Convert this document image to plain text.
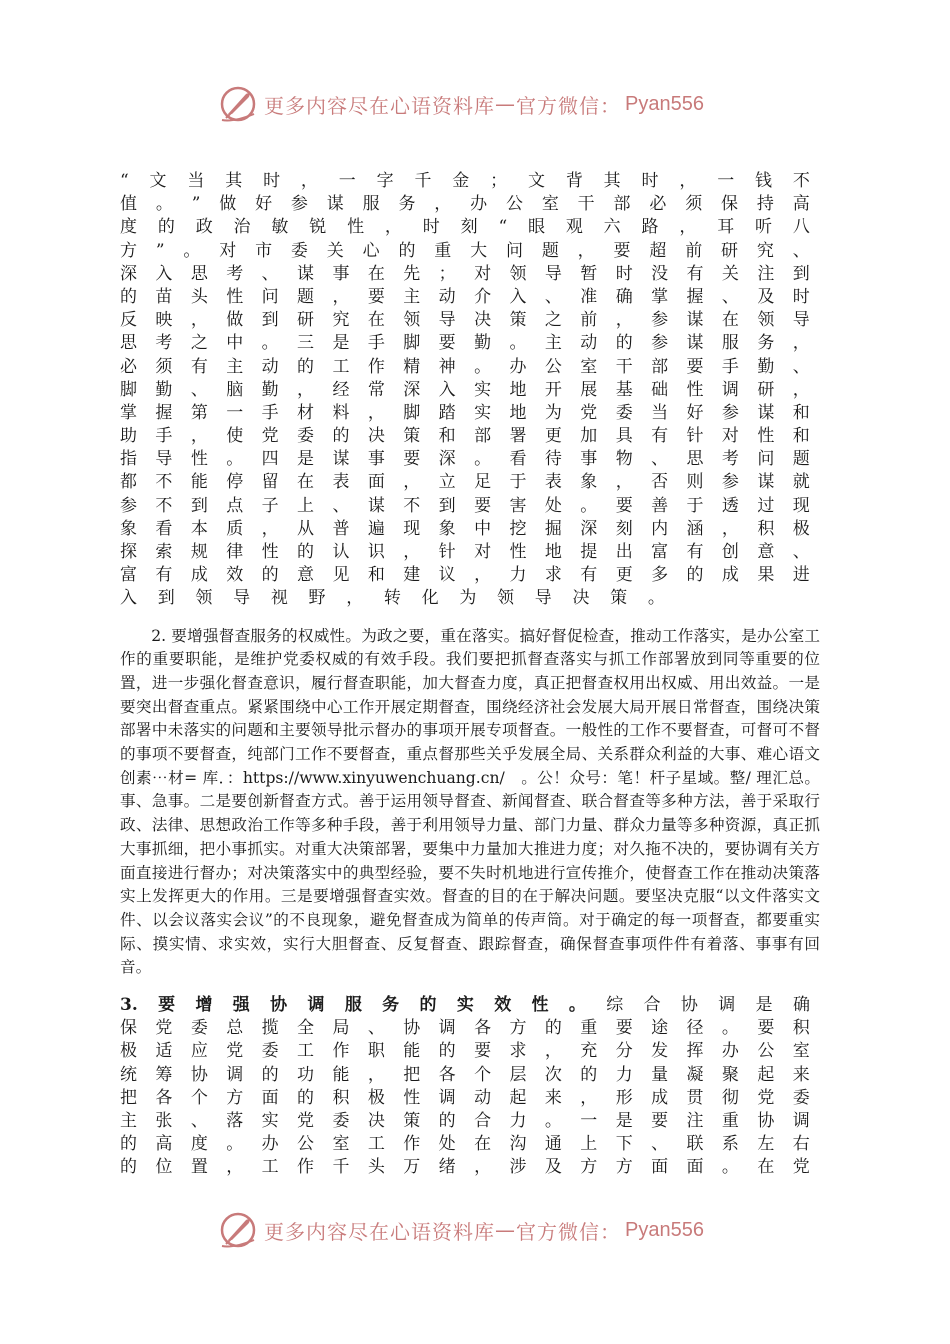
更多内容尽在心语资料库 — 官方微信： Pyan556
“ 文 当 其 时 ， 一 字 千 金 ； 文 背 其 时 ， 一 钱 不
值 。 ” 做 好 参 谋 服 务 ， 办 公 室 干 部 必 须 保 持 高
度 的 政 治 敏 锐 性 ， 时 刻 “ 眼 观 六 路 ， 耳 听 八
方 ” 。 对 市 委 关 心 的 重 大 问 题 ， 要 超 前 研 究 、
深 入 思 考 、 谋 事 在 先 ； 对 领 导 暂 时 没 有 关 注 到
的 苗 头 性 问 题 ， 要 主 动 介 入 、 准 确 掌 握 、 及 时
反 映 ， 做 到 研 究 在 领 导 决 策 之 前 ， 参 谋 在 领 导
思 考 之 中 。 三 是 手 脚 要 勤 。 主 动 的 参 谋 服 务 ，
必 须 有 主 动 的 工 作 精 神 。 办 公 室 干 部 要 手 勤 、
脚 勤 、 脑 勤 ， 经 常 深 入 实 地 开 展 基 础 性 调 研 ，
掌 握 第 一 手 材 料 ， 脚 踏 实 地 为 党 委 当 好 参 谋 和
助 手 ， 使 党 委 的 决 策 和 部 署 更 加 具 有 针 对 性 和
指 导 性 。 四 是 谋 事 要 深 。 看 待 事 物 、 思 考 问 题
都 不 能 停 留 在 表 面 ， 立 足 于 表 象 ， 否 则 参 谋 就
参 不 到 点 子 上 、 谋 不 到 要 害 处 。 要 善 于 透 过 现
象 看 本 质 ， 从 普 遍 现 象 中 挖 掘 深 刻 内 涵 ， 积 极
探 索 规 律 性 的 认 识 ， 针 对 性 地 提 出 富 有 创 意 、
富 有 成 效 的 意 见 和 建 议 ， 力 求 有 更 多 的 成 果 进
入 到 领 导 视 野 ， 转 化 为 领 导 决 策 。

2. 要增强督查服务的权威性。为政之要，重在落实。搞好督促检查，推动工作落实，是办公室工作的重要职能，是维护党委权威的有效手段。我们要把抓督查落实与抓工作部署放到同等重要的位置，进一步强化督查意识，履行督查职能，加大督查力度，真正把督查权用出权威、用出效益。一是要突出督查重点。紧紧围绕中心工作开展定期督查，围绕经济社会发展大局开展日常督查，围绕决策部署中未落实的问题和主要领导批示督办的事项开展专项督查。一般性的工作不要督查，可督可不督的事项不要督查，纯部门工作不要督查，重点督那些关乎发展全局、关系群众利益的大事、难心语文创素⋯材= 库．：https://www.xinyuwenchuang.cn/　。公！众号：笔！杆子星域。整/ 理汇总。事、急事。二是要创新督查方式。善于运用领导督查、新闻督查、联合督查等多种方法，善于采取行政、法律、思想政治工作等多种手段，善于利用领导力量、部门力量、群众力量等多种资源，真正抓大事抓细，把小事抓实。对重大决策部署，要集中力量加大推进力度；对久拖不决的，要协调有关方面直接进行督办；对决策落实中的典型经验，要不失时机地进行宣传推介，使督查工作在推动决策落实上发挥更大的作用。三是要增强督查实效。督查的目的在于解决问题。要坚决克服“以文件落实文件、以会议落实会议”的不良现象，避免督查成为简单的传声筒。对于确定的每一项督查，都要重实际、摸实情、求实效，实行大胆督查、反复督查、跟踪督查，确保督查事项件件有着落、事事有回音。

3. 要 增 强 协 调 服 务 的 实 效 性 。 综 合 协 调 是 确
保 党 委 总 揽 全 局 、 协 调 各 方 的 重 要 途 径 。 要 积
极 适 应 党 委 工 作 职 能 的 要 求 ， 充 分 发 挥 办 公 室
统 筹 协 调 的 功 能 ， 把 各 个 层 次 的 力 量 凝 聚 起 来
把 各 个 方 面 的 积 极 性 调 动 起 来 ， 形 成 贯 彻 党 委
主 张 、 落 实 党 委 决 策 的 合 力 。 一 是 要 注 重 协 调
的 高 度 。 办 公 室 工 作 处 在 沟 通 上 下 、 联 系 左 右
的 位 置 ， 工 作 千 头 万 绪 ， 涉 及 方 方 面 面 。 在 党
更多内容尽在心语资料库 — 官方微信： Pyan556
